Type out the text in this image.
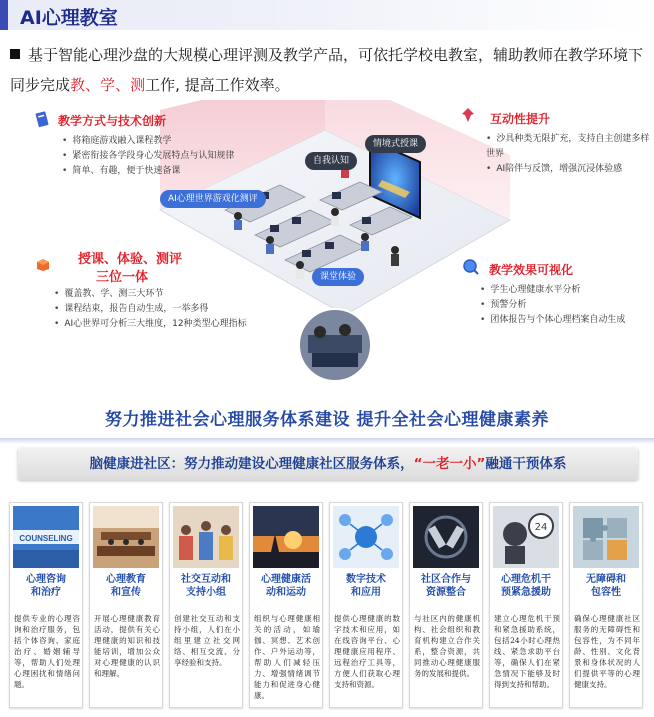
AI心理教室
基于智能心理沙盘的大规模心理评测及教学产品，可依托学校电教室，辅助教师在教学环境下同步完成教、学、测工作, 提高工作效率。
AI心理世界游戏化测评
自我认知
情境式授课
课堂体验
教学方式与技术创新
• 将箱庭游戏融入课程教学
• 紧密衔接各学段身心发展特点与认知规律
• 简单、有趣，便于快速备课
互动性提升
• 沙具种类无限扩充，支持自主创建多样世界
• AI陪伴与反馈，增强沉浸体验感
授课、体验、测评
三位一体
• 覆盖教、学、测三大环节
• 课程结束，报告自动生成，一举多得
• AI心世界可分析三大维度，12种类型心理指标
教学效果可视化
• 学生心理健康水平分析
• 预警分析
• 团体报告与个体心理档案自动生成
努力推进社会心理服务体系建设 提升全社会心理健康素养
脑健康进社区：努力推动建设心理健康社区服务体系，“一老一小”融通干预体系
COUNSELING
心理咨询
和治疗
提供专业的心理咨询和治疗服务，包括个体咨询、家庭治疗、婚姻辅导等，帮助人们处理心理困扰和情绪问题。
心理教育
和宣传
开展心理健康教育活动，提供有关心理健康的知识和技能培训，增加公众对心理健康的认识和理解。
社交互动和
支持小组
创建社交互动和支持小组，人们在小组里建立社交网络、相互交流、分享经验和支持。
心理健康活
动和运动
组织与心理健康相关的活动，如瑜伽、冥想、艺术创作、户外运动等，帮助人们减轻压力、增强情绪调节能力和促进身心健康。
数字技术
和应用
提供心理健康的数字技术和应用，如在线咨询平台、心理健康应用程序、远程治疗工具等，方便人们获取心理支持和资源。
社区合作与
资源整合
与社区内的健康机构、社会组织和教育机构建立合作关系，整合资源，共同推动心理健康服务的发展和提供。
24
心理危机干
预紧急援助
建立心理危机干预和紧急援助系统，包括24小时心理热线、紧急求助平台等，确保人们在紧急情况下能够及时得到支持和帮助。
无障碍和
包容性
确保心理健康社区服务的无障碍性和包容性，为不同年龄、性别、文化背景和身体状况的人们提供平等的心理健康支持。
